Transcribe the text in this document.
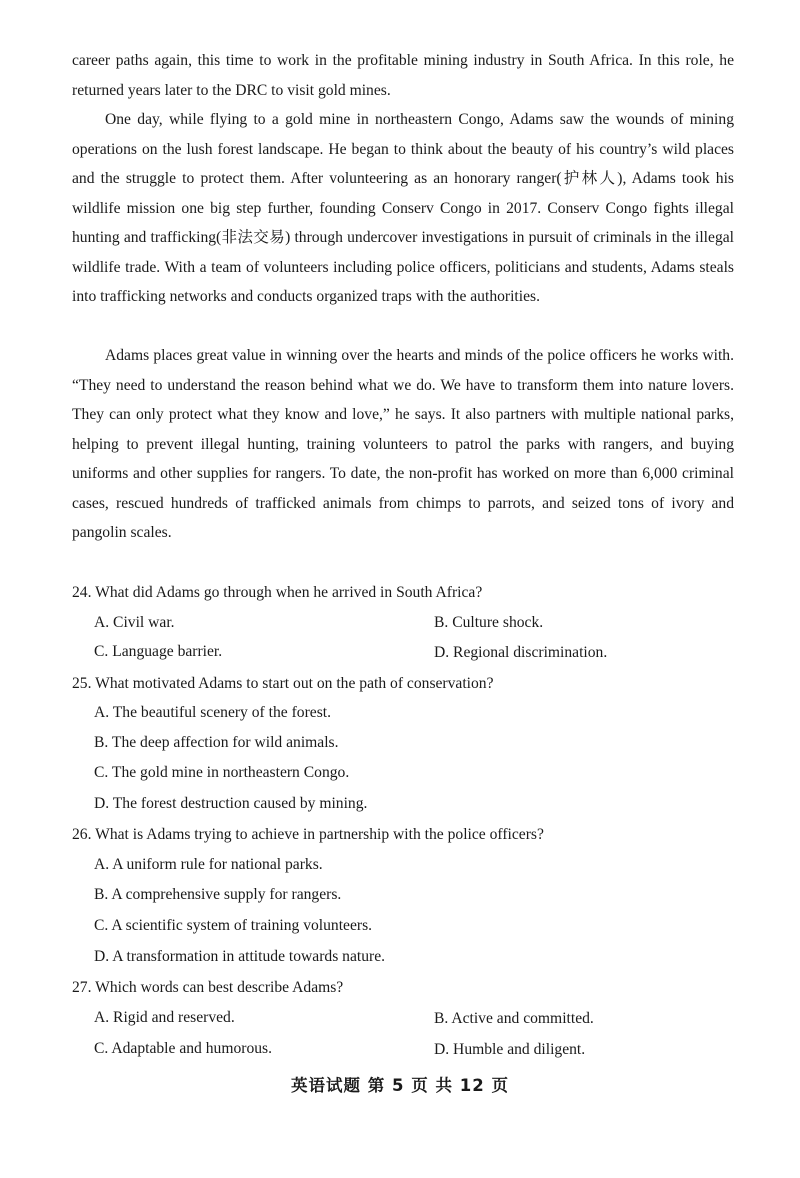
career paths again, this time to work in the profitable mining industry in South Africa. In this role, he returned years later to the DRC to visit gold mines.

One day, while flying to a gold mine in northeastern Congo, Adams saw the wounds of mining operations on the lush forest landscape. He began to think about the beauty of his country’s wild places and the struggle to protect them. After volunteering as an honorary ranger(护林人), Adams took his wildlife mission one big step further, founding Conserv Congo in 2017. Conserv Congo fights illegal hunting and trafficking(非法交易) through undercover investigations in pursuit of criminals in the illegal wildlife trade. With a team of volunteers including police officers, politicians and students, Adams steals into trafficking networks and conducts organized traps with the authorities.

Adams places great value in winning over the hearts and minds of the police officers he works with. “They need to understand the reason behind what we do. We have to transform them into nature lovers. They can only protect what they know and love,” he says. It also partners with multiple national parks, helping to prevent illegal hunting, training volunteers to patrol the parks with rangers, and buying uniforms and other supplies for rangers. To date, the non-profit has worked on more than 6,000 criminal cases, rescued hundreds of trafficked animals from chimps to parrots, and seized tons of ivory and pangolin scales.

24. What did Adams go through when he arrived in South Africa?

A. Civil war.	B. Culture shock.

C. Language barrier.	D. Regional discrimination.

25. What motivated Adams to start out on the path of conservation?

A. The beautiful scenery of the forest.

B. The deep affection for wild animals.

C. The gold mine in northeastern Congo.

D. The forest destruction caused by mining.

26. What is Adams trying to achieve in partnership with the police officers?

A. A uniform rule for national parks.

B. A comprehensive supply for rangers.

C. A scientific system of training volunteers.

D. A transformation in attitude towards nature.

27. Which words can best describe Adams?

A. Rigid and reserved.	B. Active and committed.

C. Adaptable and humorous.	D. Humble and diligent.

英语试题 第 5 页 共 12 页
